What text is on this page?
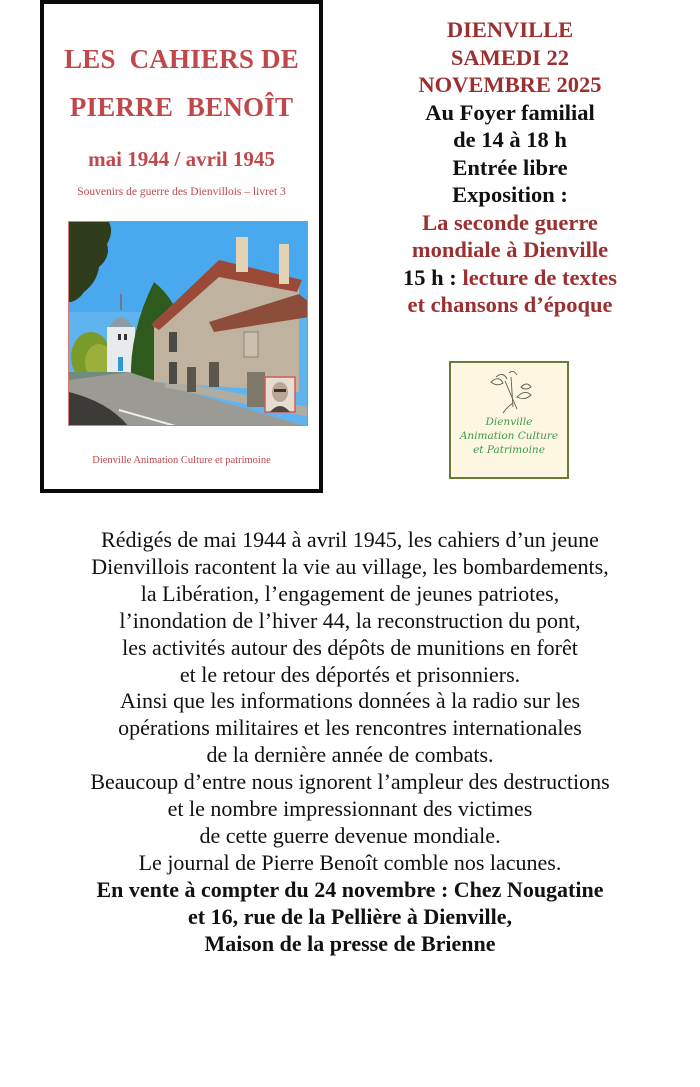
LES  CAHIERS DE
PIERRE  BENOÎT
mai 1944 / avril 1945
Souvenirs de guerre des Dienvillois – livret 3
Dienville Animation Culture et patrimoine
DIENVILLE
SAMEDI 22
NOVEMBRE 2025
Au Foyer familial
de 14 à 18 h
Entrée libre
Exposition :
La seconde guerre
mondiale à Dienville
15 h : lecture de textes
et chansons d’époque
Dienville
Animation Culture
et Patrimoine
Rédigés de mai 1944 à avril 1945, les cahiers d’un jeune
Dienvillois racontent la vie au village, les bombardements,
la Libération, l’engagement de jeunes patriotes,
l’inondation de l’hiver 44, la reconstruction du pont,
les activités autour des dépôts de munitions en forêt
et le retour des déportés et prisonniers.
Ainsi que les informations données à la radio sur les
opérations militaires et les rencontres internationales
de la dernière année de combats.
Beaucoup d’entre nous ignorent l’ampleur des destructions
et le nombre impressionnant des victimes
de cette guerre devenue mondiale.
Le journal de Pierre Benoît comble nos lacunes.
En vente à compter du 24 novembre : Chez Nougatine
et 16, rue de la Pellière à Dienville,
Maison de la presse de Brienne
